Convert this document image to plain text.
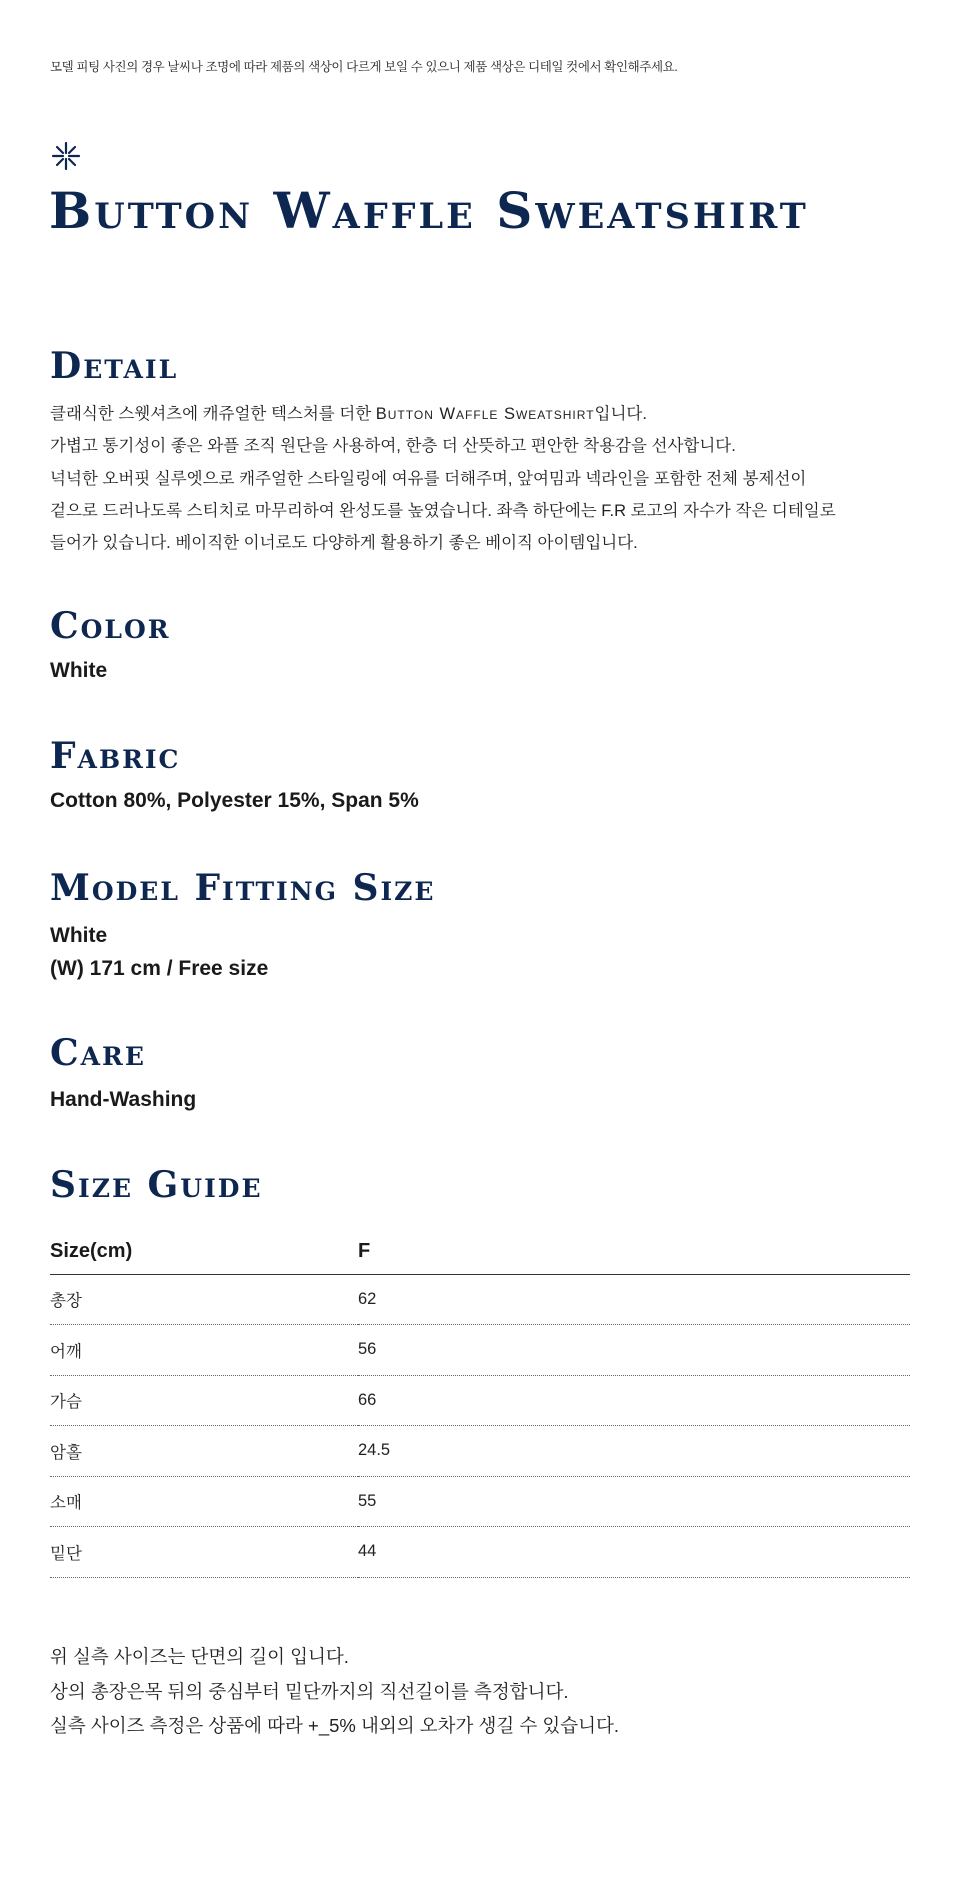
모델 피팅 사진의 경우 날씨나 조명에 따라 제품의 색상이 다르게 보일 수 있으니 제품 색상은 디테일 컷에서 확인해주세요.

Button Waffle Sweatshirt
Detail
클래식한 스웻셔츠에 캐쥬얼한 텍스처를 더한 Button Waffle Sweatshirt입니다.
가볍고 통기성이 좋은 와플 조직 원단을 사용하여, 한층 더 산뜻하고 편안한 착용감을 선사합니다.
넉넉한 오버핏 실루엣으로 캐주얼한 스타일링에 여유를 더해주며, 앞여밈과 넥라인을 포함한 전체 봉제선이
겉으로 드러나도록 스티치로 마무리하여 완성도를 높였습니다. 좌측 하단에는 F.R 로고의 자수가 작은 디테일로
들어가 있습니다. 베이직한 이너로도 다양하게 활용하기 좋은 베이직 아이템입니다.
Color
White
Fabric
Cotton 80%, Polyester 15%, Span 5%
Model Fitting Size
White
(W) 171 cm / Free size
Care
Hand-Washing
Size Guide
Size(cm)	F
총장	62
어깨	56
가슴	66
암홀	24.5
소매	55
밑단	44
위 실측 사이즈는 단면의 길이 입니다.
상의 총장은목 뒤의 중심부터 밑단까지의 직선길이를 측정합니다.
실측 사이즈 측정은 상품에 따라 +_5% 내외의 오차가 생길 수 있습니다.
